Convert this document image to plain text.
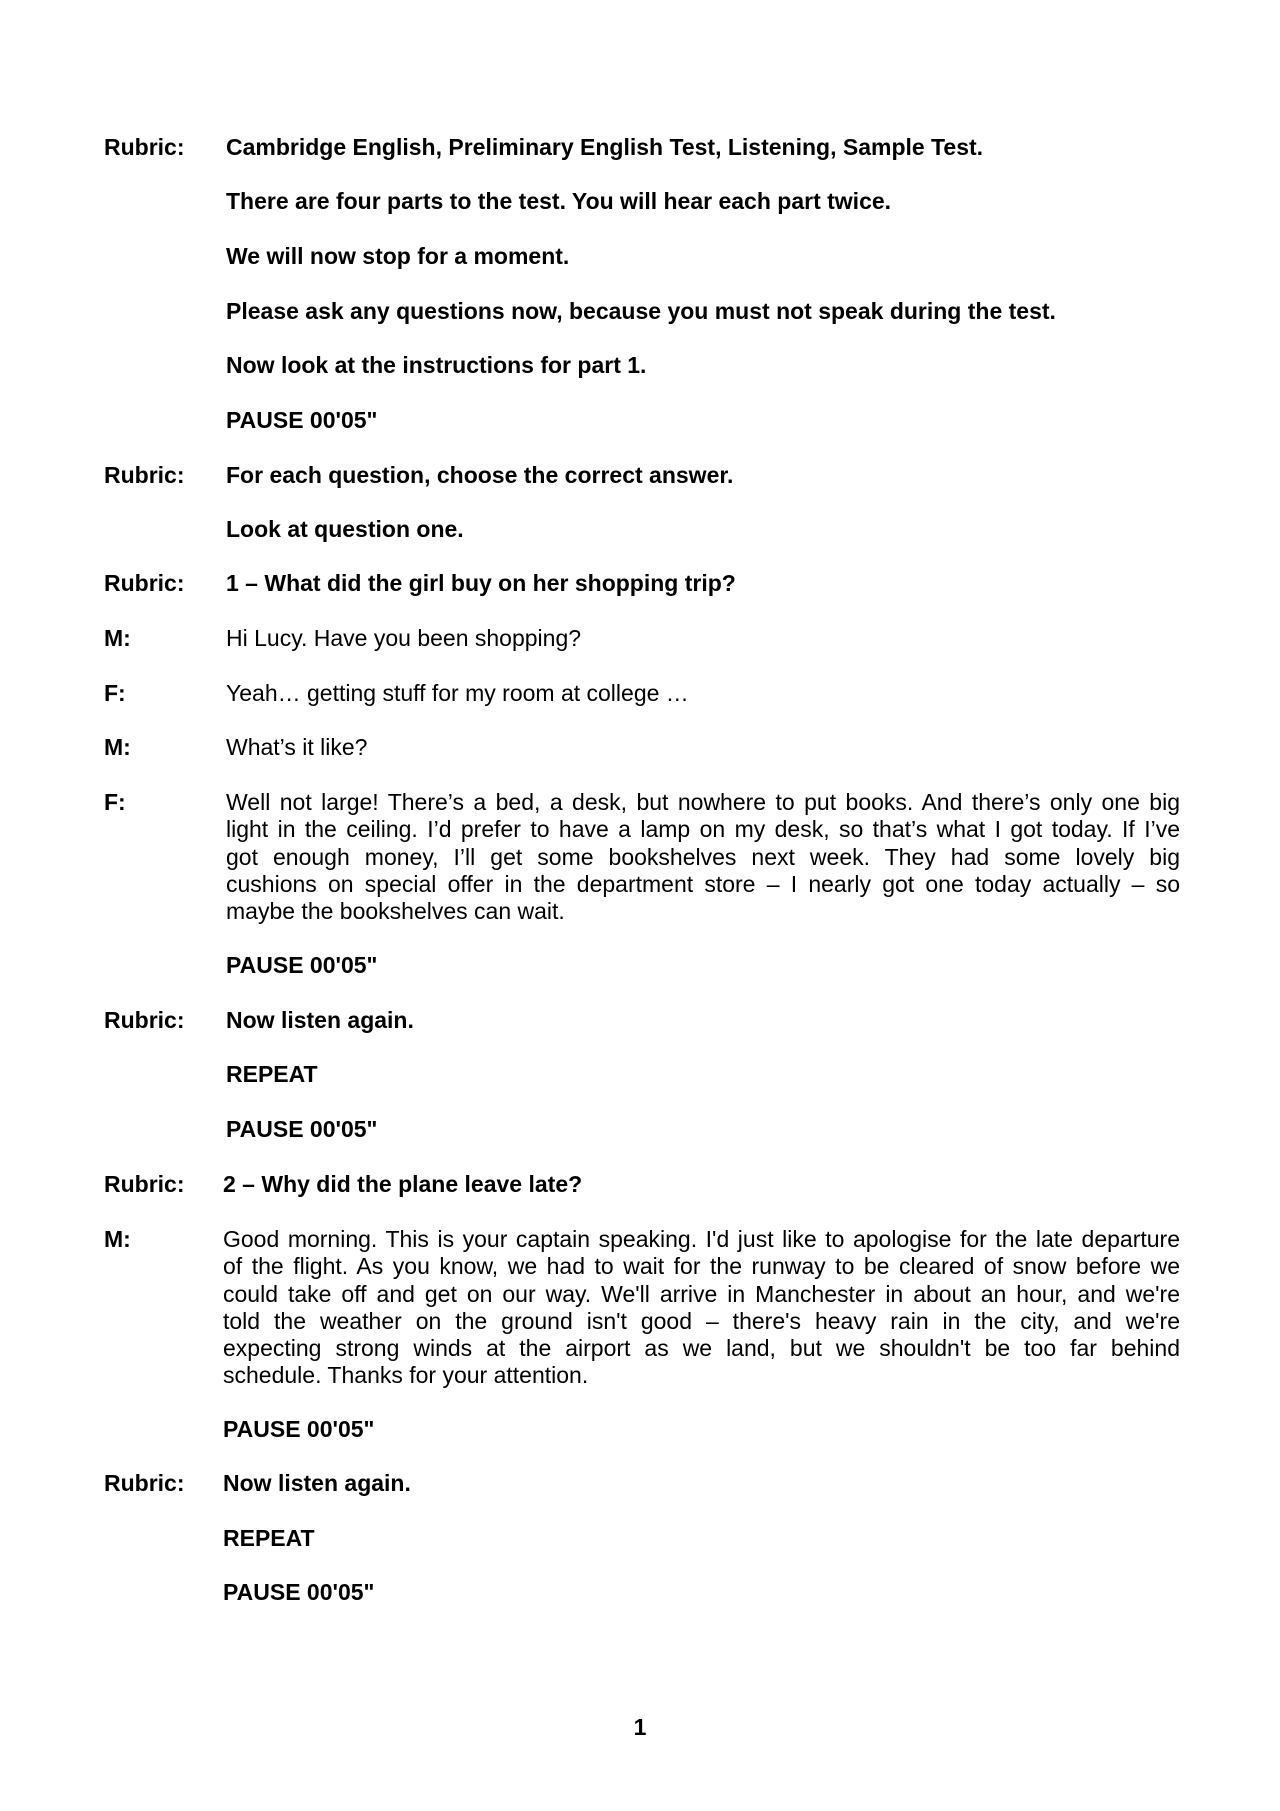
Rubric: Cambridge English, Preliminary English Test, Listening, Sample Test.
There are four parts to the test. You will hear each part twice.
We will now stop for a moment.
Please ask any questions now, because you must not speak during the test.
Now look at the instructions for part 1.
PAUSE 00'05"
Rubric: For each question, choose the correct answer.
Look at question one.
Rubric: 1 – What did the girl buy on her shopping trip?
M:	Hi Lucy. Have you been shopping?
F:	Yeah… getting stuff for my room at college …
M:	What’s it like?
F:	Well not large! There’s a bed, a desk, but nowhere to put books. And there’s only one big
light in the ceiling. I’d prefer to have a lamp on my desk, so that’s what I got today. If I’ve
got enough money, I’ll get some bookshelves next week. They had some lovely big
cushions on special offer in the department store – I nearly got one today actually – so
maybe the bookshelves can wait.
PAUSE 00'05"
Rubric: Now listen again.
REPEAT
PAUSE 00'05"
Rubric: 2 – Why did the plane leave late?
M:	Good morning. This is your captain speaking. I'd just like to apologise for the late departure
of the flight. As you know, we had to wait for the runway to be cleared of snow before we
could take off and get on our way. We'll arrive in Manchester in about an hour, and we're
told the weather on the ground isn't good – there's heavy rain in the city, and we're
expecting strong winds at the airport as we land, but we shouldn't be too far behind
schedule. Thanks for your attention.
PAUSE 00'05"
Rubric: Now listen again.
REPEAT
PAUSE 00'05"
1
